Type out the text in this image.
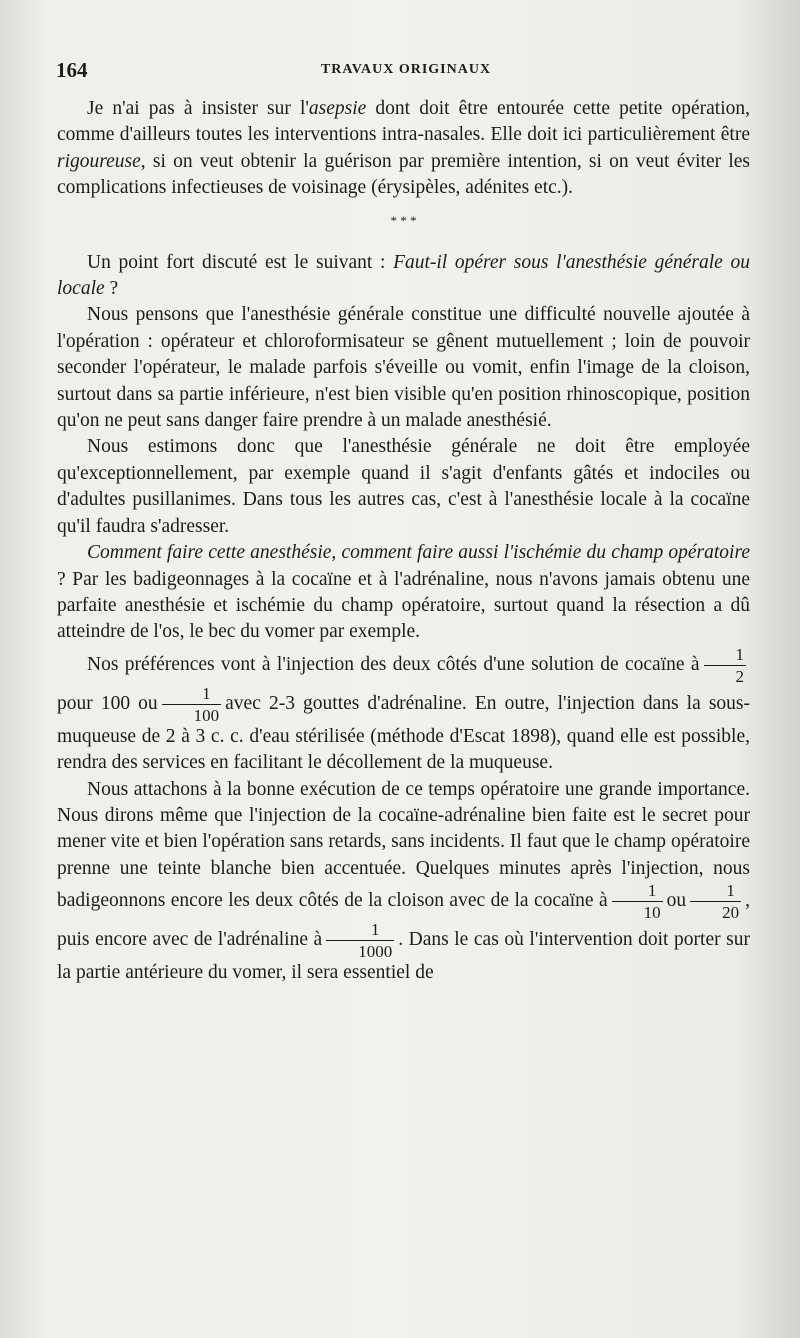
164	TRAVAUX ORIGINAUX

Je n'ai pas à insister sur l'asepsie dont doit être entourée cette petite opération, comme d'ailleurs toutes les interventions intra-nasales. Elle doit ici particulièrement être rigoureuse, si on veut obtenir la guérison par première intention, si on veut éviter les complications infectieuses de voisinage (érysipèles, adénites etc.).

* * *

Un point fort discuté est le suivant : Faut-il opérer sous l'anesthésie générale ou locale ?

Nous pensons que l'anesthésie générale constitue une difficulté nouvelle ajoutée à l'opération : opérateur et chloroformisateur se gênent mutuellement ; loin de pouvoir seconder l'opérateur, le malade parfois s'éveille ou vomit, enfin l'image de la cloison, surtout dans sa partie inférieure, n'est bien visible qu'en position rhinoscopique, position qu'on ne peut sans danger faire prendre à un malade anesthésié.

Nous estimons donc que l'anesthésie générale ne doit être employée qu'exceptionnellement, par exemple quand il s'agit d'enfants gâtés et indociles ou d'adultes pusillanimes. Dans tous les autres cas, c'est à l'anesthésie locale à la cocaïne qu'il faudra s'adresser.

Comment faire cette anesthésie, comment faire aussi l'ischémie du champ opératoire ? Par les badigeonnages à la cocaïne et à l'adrénaline, nous n'avons jamais obtenu une parfaite anesthésie et ischémie du champ opératoire, surtout quand la résection a dû atteindre de l'os, le bec du vomer par exemple.

Nos préférences vont à l'injection des deux côtés d'une solution de cocaïne à $\frac{1}{2}$
pour 100 ou $\frac{1}{100}$ avec 2-3 gouttes d'adrénaline. En outre, l'injection dans la sous-muqueuse de 2 à 3 c. c. d'eau stérilisée (méthode d'Escat 1898), quand elle est possible, rendra des services en facilitant le décollement de la muqueuse.

Nous attachons à la bonne exécution de ce temps opératoire une grande importance. Nous dirons même que l'injection de la cocaïne-adrénaline bien faite est le secret pour mener vite et bien l'opération sans retards, sans incidents. Il faut que le champ opératoire prenne une teinte blanche bien accentuée. Quelques minutes après l'injection, nous badigeonnons encore les deux côtés de la cloison avec de la cocaïne à $\frac{1}{10}$ ou $\frac{1}{20}$ , puis encore avec de l'adrénaline à $\frac{1}{1000}$ . Dans le cas où l'intervention doit porter sur la partie antérieure du vomer, il sera essentiel de
